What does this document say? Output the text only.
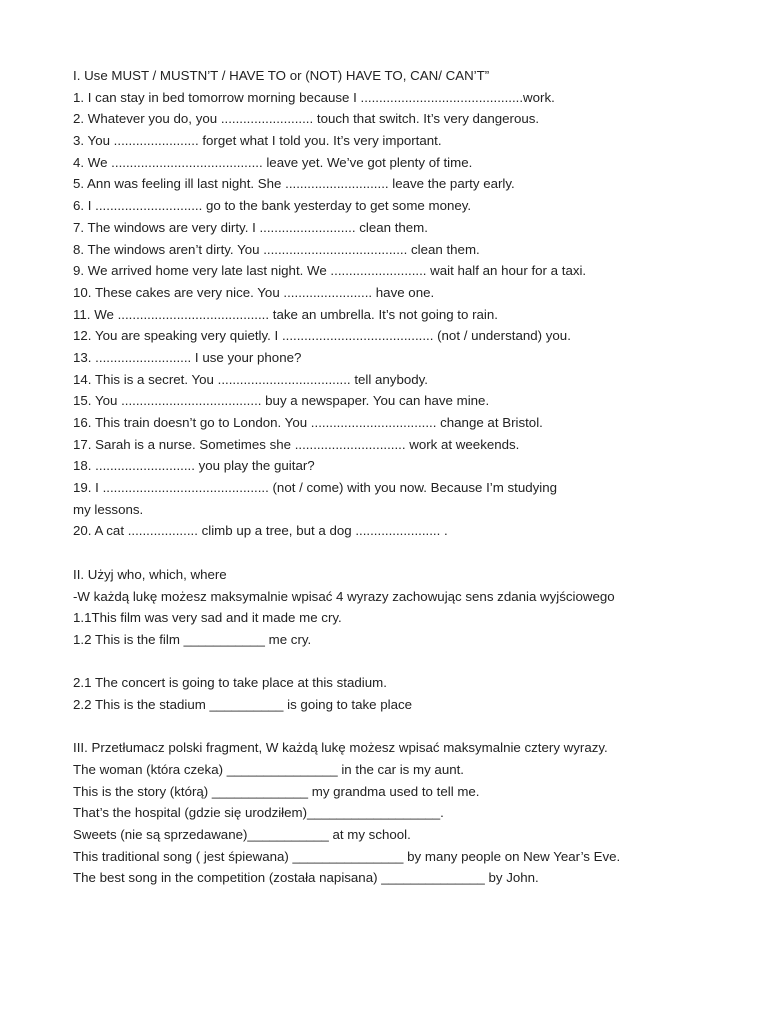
I. Use MUST / MUSTN’T / HAVE TO or (NOT) HAVE TO, CAN/ CAN’T”
1. I can stay in bed tomorrow morning because I ............................................work.
2. Whatever you do, you ......................... touch that switch. It’s very dangerous.
3. You ....................... forget what I told you. It’s very important.
4. We ......................................... leave yet. We’ve got plenty of time.
5. Ann was feeling ill last night. She ............................ leave the party early.
6. I ............................. go to the bank yesterday to get some money.
7. The windows are very dirty. I .......................... clean them.
8. The windows aren’t dirty. You ....................................... clean them.
9. We arrived home very late last night. We .......................... wait half an hour for a taxi.
10. These cakes are very nice. You ........................ have one.
11. We ......................................... take an umbrella. It’s not going to rain.
12. You are speaking very quietly. I ......................................... (not / understand) you.
13. .......................... I use your phone?
14. This is a secret. You .................................... tell anybody.
15. You ...................................... buy a newspaper. You can have mine.
16. This train doesn’t go to London. You .................................. change at Bristol.
17. Sarah is a nurse. Sometimes she .............................. work at weekends.
18. ........................... you play the guitar?
19. I ............................................. (not / come) with you now. Because I’m studying
my lessons.
20. A cat ................... climb up a tree, but a dog ....................... .
II. Użyj who, which, where
-W każdą lukę możesz maksymalnie wpisać 4 wyrazy zachowując sens zdania wyjściowego
1.1This film was very sad and it made me cry.
1.2 This is the film ___________ me cry.
2.1 The concert is going to take place at this stadium.
2.2 This is the stadium __________ is going to take place
III. Przetłumacz polski fragment, W każdą lukę możesz wpisać maksymalnie cztery wyrazy.
The woman (która czeka) _______________ in the car is my aunt.
This is the story (którą) _____________ my grandma used to tell me.
That’s the hospital (gdzie się urodziłem)__________________.
Sweets (nie są sprzedawane)___________ at my school.
This traditional song ( jest śpiewana) _______________ by many people on New Year’s Eve.
The best song in the competition (została napisana) ______________ by John.
